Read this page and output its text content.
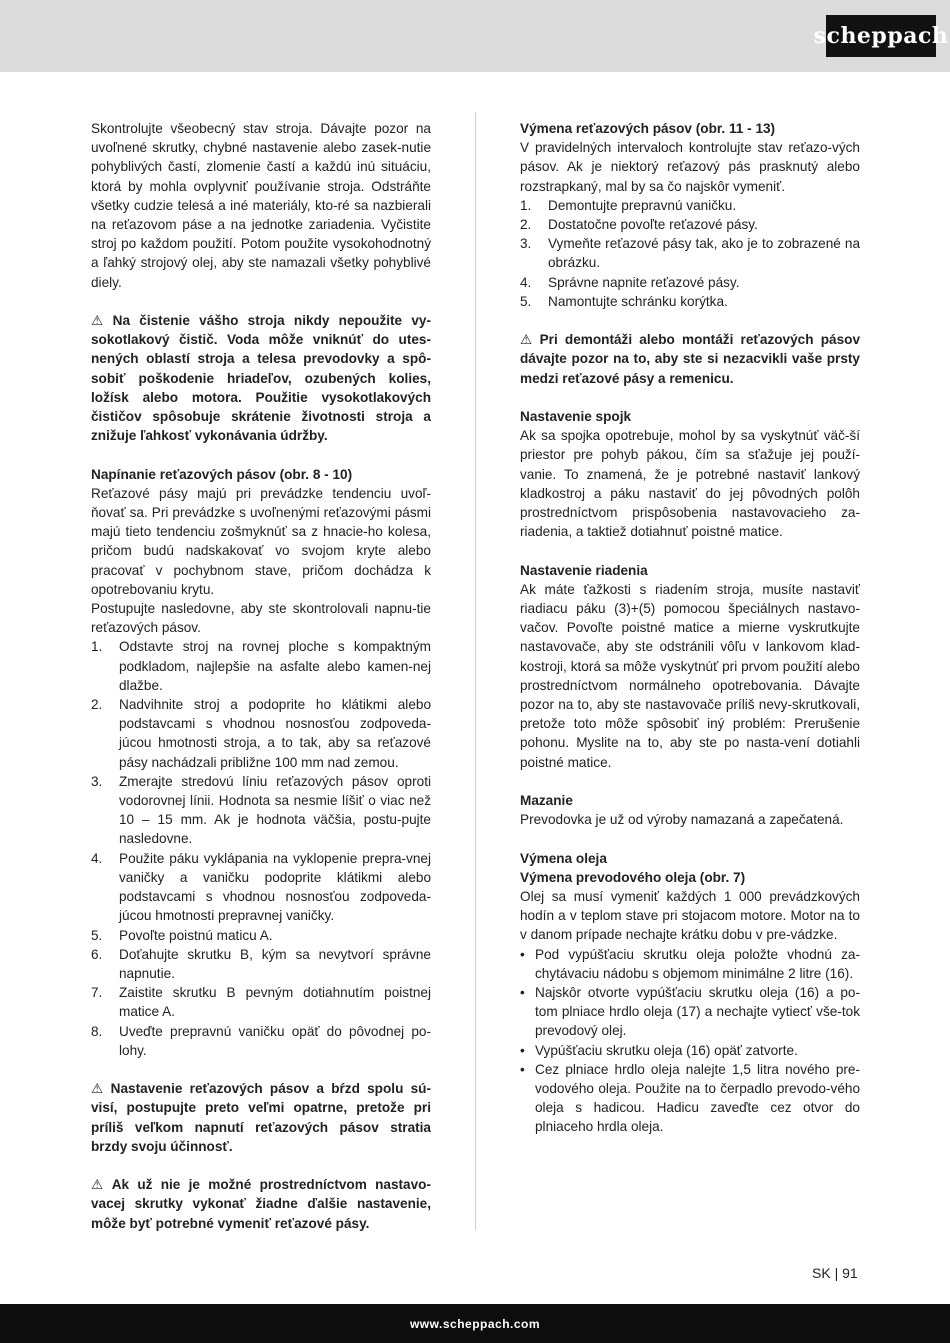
scheppach

Skontrolujte všeobecný stav stroja. Dávajte pozor na uvoľnené skrutky, chybné nastavenie alebo zasek-nutie pohyblivých častí, zlomenie častí a každú inú situáciu, ktorá by mohla ovplyvniť používanie stroja. Odstráňte všetky cudzie telesá a iné materiály, kto-ré sa nazbierali na reťazovom páse a na jednotke zariadenia. Vyčistite stroj po každom použití. Potom použite vysokohodnotný a ľahký strojový olej, aby ste namazali všetky pohyblivé diely.

⚠ Na čistenie vášho stroja nikdy nepoužite vy-sokotlakový čistič. Voda môže vniknúť do utes-nených oblastí stroja a telesa prevodovky a spô-sobiť poškodenie hriadeľov, ozubených kolies, ložísk alebo motora. Použitie vysokotlakových čističov spôsobuje skrátenie životnosti stroja a znižuje ľahkosť vykonávania údržby.

Napínanie reťazových pásov (obr. 8 - 10)

Reťazové pásy majú pri prevádzke tendenciu uvoľ-ňovať sa. Pri prevádzke s uvoľnenými reťazovými pásmi majú tieto tendenciu zošmyknúť sa z hnacie-ho kolesa, pričom budú nadskakovať vo svojom kryte alebo pracovať v pochybnom stave, pričom dochádza k opotrebovaniu krytu.

Postupujte nasledovne, aby ste skontrolovali napnu-tie reťazových pásov.

1.	Odstavte stroj na rovnej ploche s kompaktným podkladom, najlepšie na asfalte alebo kamen-nej dlažbe.
2.	Nadvihnite stroj a podoprite ho klátikmi alebo podstavcami s vhodnou nosnosťou zodpoveda-júcou hmotnosti stroja, a to tak, aby sa reťazové pásy nachádzali približne 100 mm nad zemou.
3.	Zmerajte stredovú líniu reťazových pásov oproti vodorovnej línii. Hodnota sa nesmie líšiť o viac než 10 – 15 mm. Ak je hodnota väčšia, postu-pujte nasledovne.
4.	Použite páku vyklápania na vyklopenie prepra-vnej vaničky a vaničku podoprite klátikmi alebo podstavcami s vhodnou nosnosťou zodpoveda-júcou hmotnosti prepravnej vaničky.
5.	Povoľte poistnú maticu A.
6.	Doťahujte skrutku B, kým sa nevytvorí správne napnutie.
7.	Zaistite skrutku B pevným dotiahnutím poistnej matice A.
8.	Uveďte prepravnú vaničku opäť do pôvodnej po-lohy.

⚠ Nastavenie reťazových pásov a bŕzd spolu sú-visí, postupujte preto veľmi opatrne, pretože pri príliš veľkom napnutí reťazových pásov stratia brzdy svoju účinnosť.

⚠ Ak už nie je možné prostredníctvom nastavo-vacej skrutky vykonať žiadne ďalšie nastavenie, môže byť potrebné vymeniť reťazové pásy.

Výmena reťazových pásov (obr. 11 - 13)

V pravidelných intervaloch kontrolujte stav reťazo-vých pásov. Ak je niektorý reťazový pás prasknutý alebo rozstrapkaný, mal by sa čo najskôr vymeniť.

1.	Demontujte prepravnú vaničku.
2.	Dostatočne povoľte reťazové pásy.
3.	Vymeňte reťazové pásy tak, ako je to zobrazené na obrázku.
4.	Správne napnite reťazové pásy.
5.	Namontujte schránku korýtka.

⚠ Pri demontáži alebo montáži reťazových pásov dávajte pozor na to, aby ste si nezacvikli vaše prsty medzi reťazové pásy a remenicu.

Nastavenie spojk

Ak sa spojka opotrebuje, mohol by sa vyskytnúť väč-ší priestor pre pohyb pákou, čím sa sťažuje jej použí-vanie. To znamená, že je potrebné nastaviť lankový kladkostroj a páku nastaviť do jej pôvodných polôh prostredníctvom prispôsobenia nastavovacieho za-riadenia, a taktiež dotiahnuť poistné matice.

Nastavenie riadenia

Ak máte ťažkosti s riadením stroja, musíte nastaviť riadiacu páku (3)+(5) pomocou špeciálnych nastavo-vačov. Povoľte poistné matice a mierne vyskrutkujte nastavovače, aby ste odstránili vôľu v lankovom klad-kostroji, ktorá sa môže vyskytnúť pri prvom použití alebo prostredníctvom normálneho opotrebovania. Dávajte pozor na to, aby ste nastavovače príliš nevy-skrutkovali, pretože toto môže spôsobiť iný problém: Prerušenie pohonu. Myslite na to, aby ste po nasta-vení dotiahli poistné matice.

Mazanie

Prevodovka je už od výroby namazaná a zapečatená.

Výmena oleja

Výmena prevodového oleja (obr. 7)

Olej sa musí vymeniť každých 1 000 prevádzkových hodín a v teplom stave pri stojacom motore. Motor na to v danom prípade nechajte krátku dobu v pre-vádzke.

• Pod vypúšťaciu skrutku oleja položte vhodnú za-chytávaciu nádobu s objemom minimálne 2 litre (16).
• Najskôr otvorte vypúšťaciu skrutku oleja (16) a po-tom plniace hrdlo oleja (17) a nechajte vytiecť vše-tok prevodový olej.
• Vypúšťaciu skrutku oleja (16) opäť zatvorte.
• Cez plniace hrdlo oleja nalejte 1,5 litra nového pre-vodového oleja. Použite na to čerpadlo prevodo-vého oleja s hadicou. Hadicu zaveďte cez otvor do plniaceho hrdla oleja.
SK | 91
www.scheppach.com
